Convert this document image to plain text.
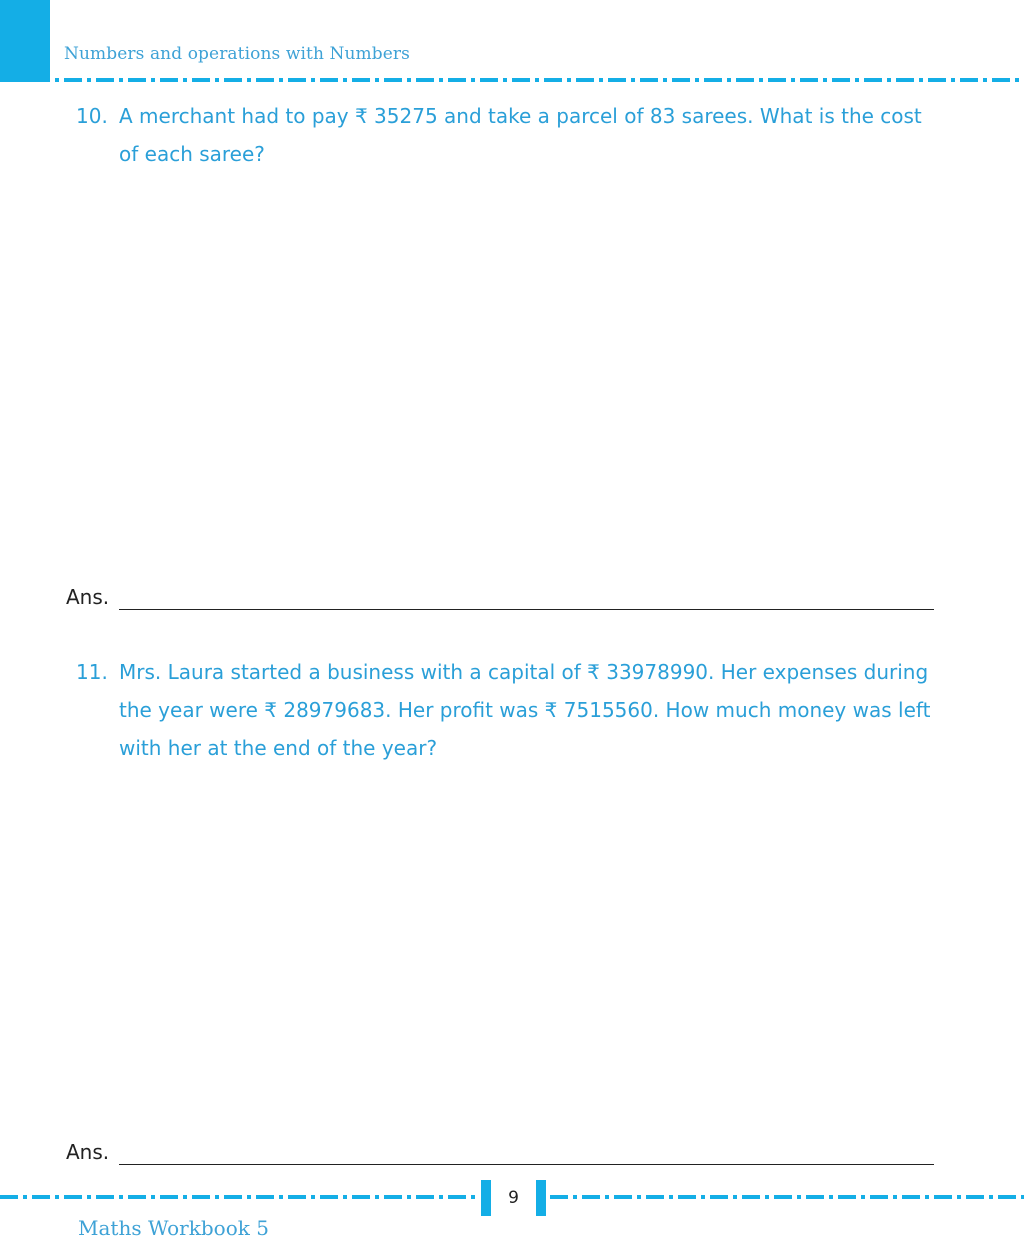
Numbers and operations with Numbers
10. A merchant had to pay ₹ 35275 and take a parcel of 83 sarees. What is the cost of each saree?
Ans.
11. Mrs. Laura started a business with a capital of ₹ 33978990. Her expenses during the year were ₹ 28979683. Her profit was ₹ 7515560. How much money was left with her at the end of the year?
Ans.
9
Maths Workbook 5
